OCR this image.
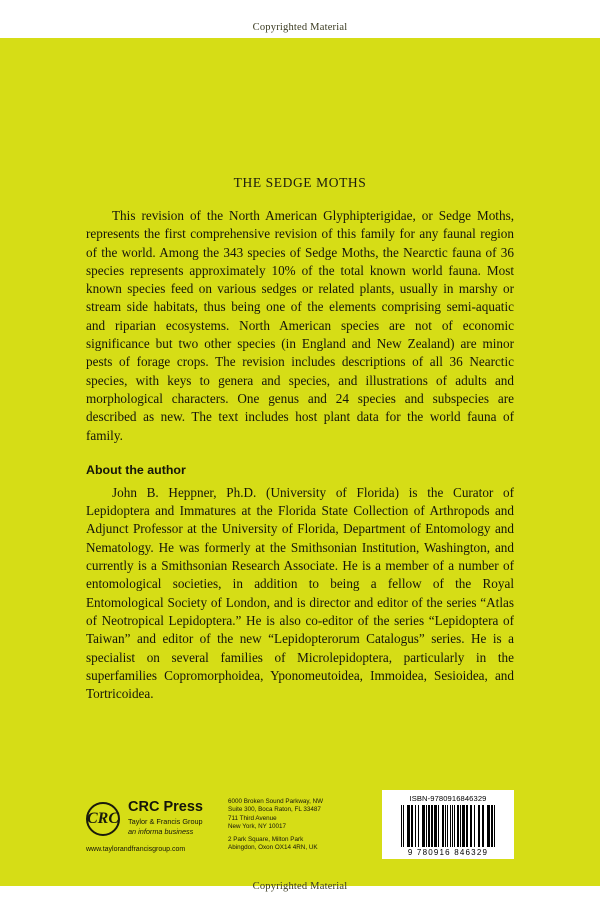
Copyrighted Material
THE SEDGE MOTHS

This revision of the North American Glyphipterigidae, or Sedge Moths, represents the first comprehensive revision of this family for any faunal region of the world. Among the 343 species of Sedge Moths, the Nearctic fauna of 36 species represents approximately 10% of the total known world fauna. Most known species feed on various sedges or related plants, usually in marshy or stream side habitats, thus being one of the elements comprising semi-aquatic and riparian ecosystems. North American species are not of economic significance but two other species (in England and New Zealand) are minor pests of forage crops. The revision includes descriptions of all 36 Nearctic species, with keys to genera and species, and illustrations of adults and morphological characters. One genus and 24 species and subspecies are described as new. The text includes host plant data for the world fauna of family.

About the author

John B. Heppner, Ph.D. (University of Florida) is the Curator of Lepidoptera and Immatures at the Florida State Collection of Arthropods and Adjunct Professor at the University of Florida, Department of Entomology and Nematology. He was formerly at the Smithsonian Institution, Washington, and currently is a Smithsonian Research Associate. He is a member of a number of entomological societies, in addition to being a fellow of the Royal Entomological Society of London, and is director and editor of the series “Atlas of Neotropical Lepidoptera.” He is also co-editor of the series “Lepidoptera of Taiwan” and editor of the new “Lepidopterorum Catalogus” series. He is a specialist on several families of Microlepidoptera, particularly in the superfamilies Copromorphoidea, Yponomeutoidea, Immoidea, Sesioidea, and Tortricoidea.

CRC
CRC Press
Taylor & Francis Group
an informa business
www.taylorandfrancisgroup.com
6000 Broken Sound Parkway, NW
Suite 300, Boca Raton, FL 33487
711 Third Avenue
New York, NY 10017
2 Park Square, Milton Park
Abingdon, Oxon OX14 4RN, UK
ISBN-9780916846329
9 780916 846329
Copyrighted Material
